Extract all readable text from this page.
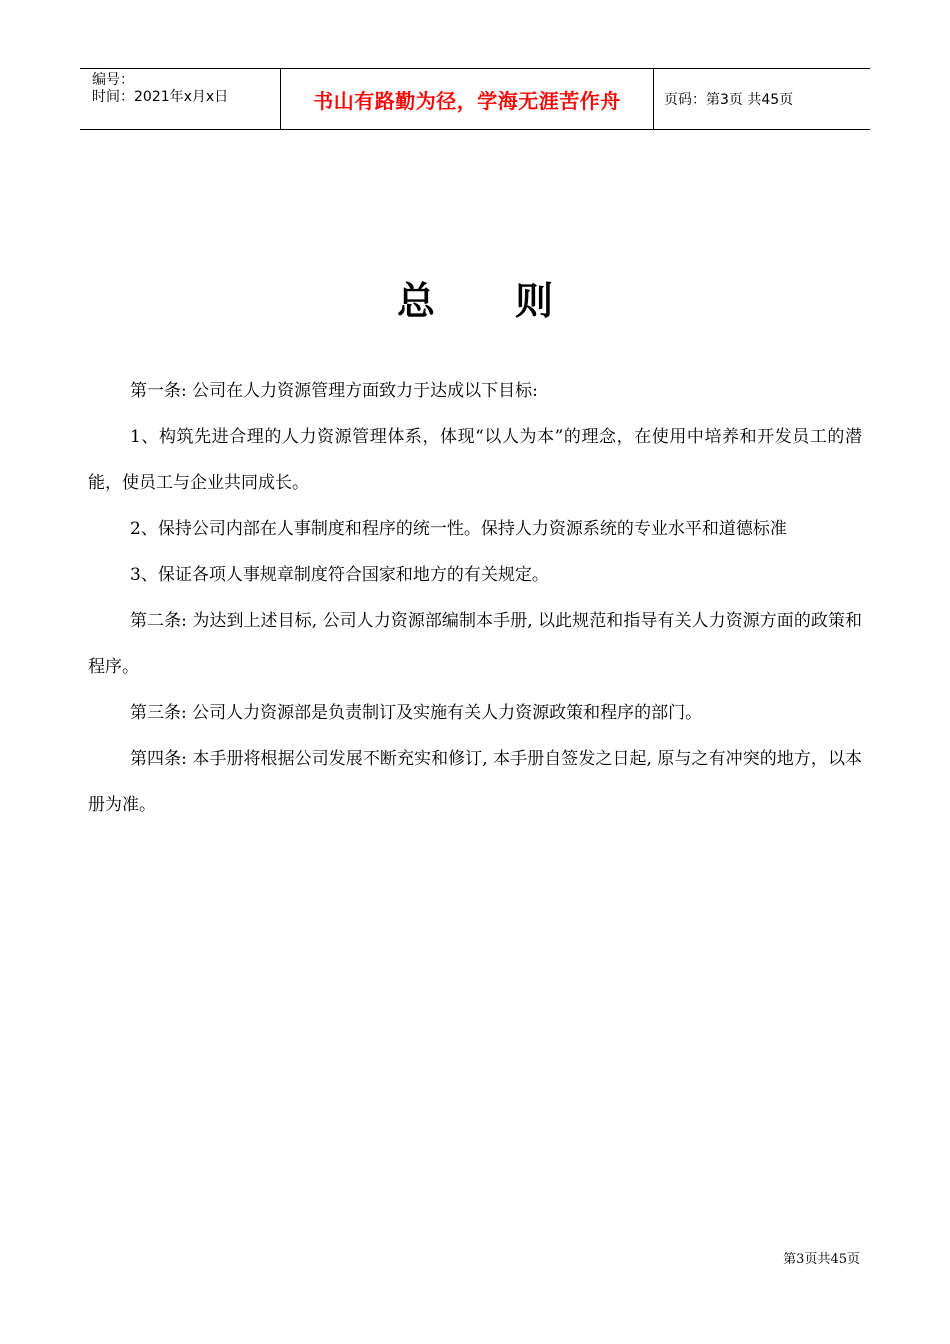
编号：
时间：2021年x月x日	书山有路勤为径，学海无涯苦作舟	页码：第3页 共45页
总 则

第一条: 公司在人力资源管理方面致力于达成以下目标:

1、构筑先进合理的人力资源管理体系，体现“以人为本”的理念，在使用中培养和开发员工的潜能，使员工与企业共同成长。

2、保持公司内部在人事制度和程序的统一性。保持人力资源系统的专业水平和道德标准

3、保证各项人事规章制度符合国家和地方的有关规定。

第二条: 为达到上述目标, 公司人力资源部编制本手册, 以此规范和指导有关人力资源方面的政策和程序。

第三条: 公司人力资源部是负责制订及实施有关人力资源政策和程序的部门。

第四条: 本手册将根据公司发展不断充实和修订, 本手册自签发之日起, 原与之有冲突的地方，以本册为准。

第3页共45页
